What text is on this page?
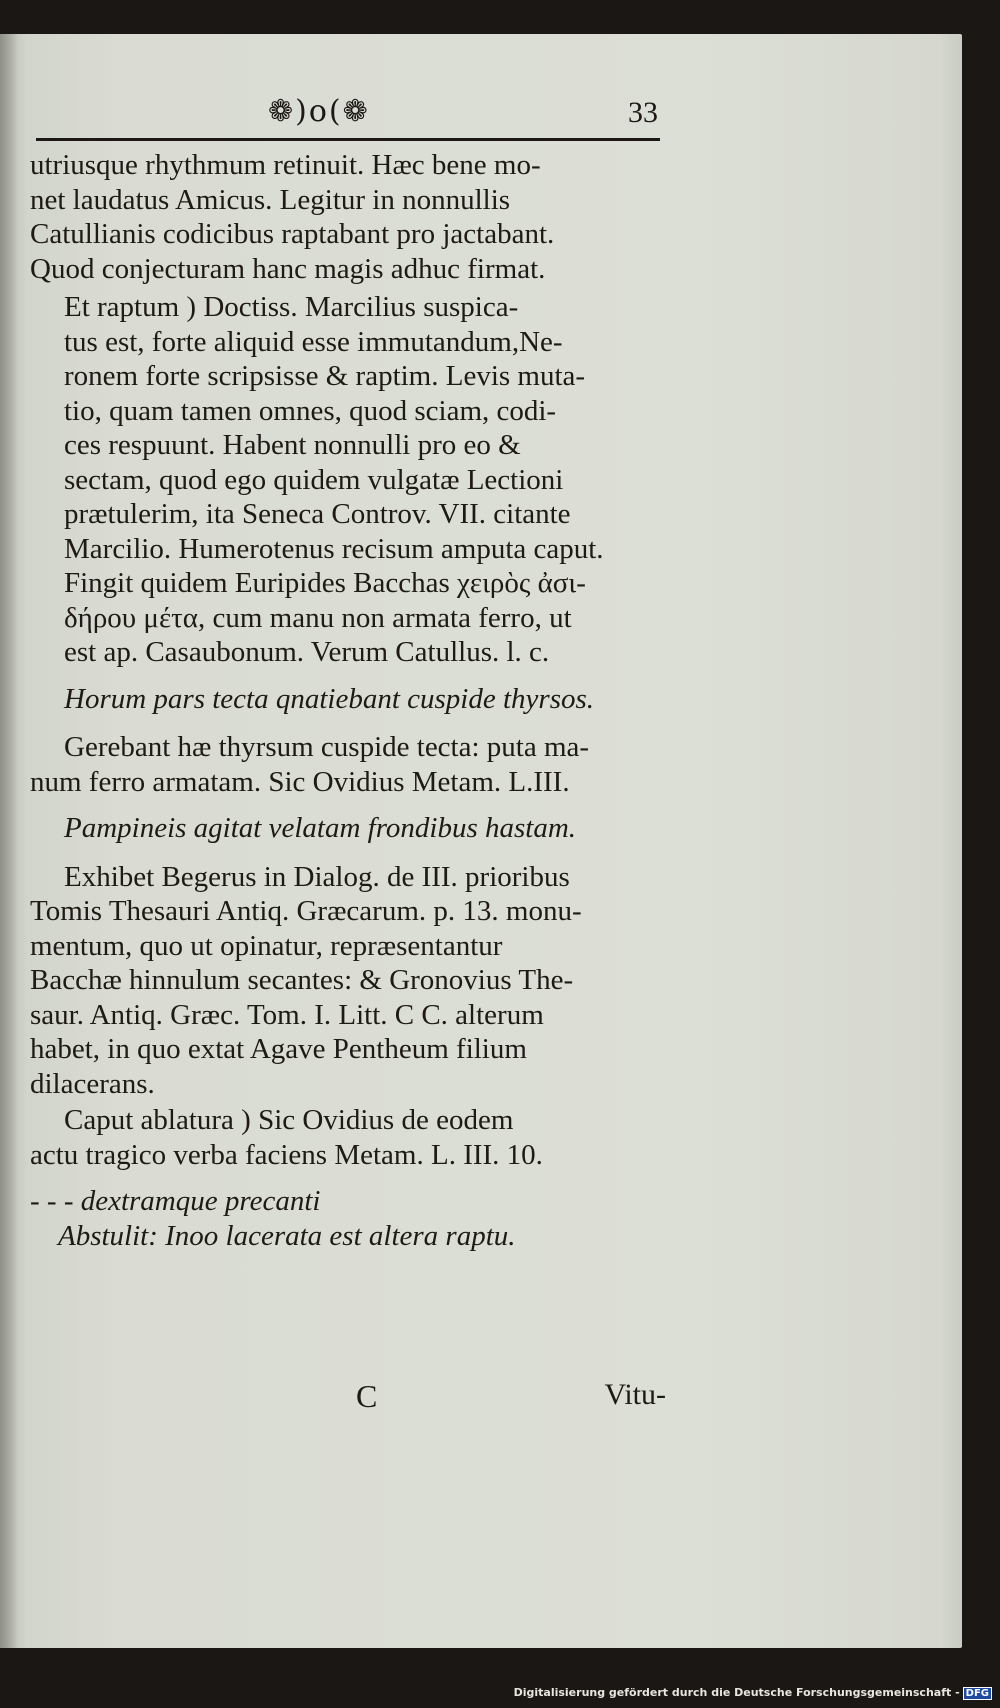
❁)o(❁	33

utriusque rhythmum retinuit. Hæc bene mo-
net laudatus Amicus. Legitur in nonnullis
Catullianis codicibus raptabant pro jactabant.
Quod conjecturam hanc magis adhuc firmat.

Et raptum ) Doctiss. Marcilius suspica-
tus est, forte aliquid esse immutandum,Ne-
ronem forte scripsisse & raptim. Levis muta-
tio, quam tamen omnes, quod sciam, codi-
ces respuunt. Habent nonnulli pro eo &
sectam, quod ego quidem vulgatæ Lectioni
prætulerim, ita Seneca Controv. VII. citante
Marcilio. Humerotenus recisum amputa caput.
Fingit quidem Euripides Bacchas χειρὸς ἀσι-
δήρου μέτα, cum manu non armata ferro, ut
est ap. Casaubonum. Verum Catullus. l. c.

Horum pars tecta qnatiebant cuspide thyrsos.

Gerebant hæ thyrsum cuspide tecta: puta ma-
num ferro armatam. Sic Ovidius Metam. L.III.

Pampineis agitat velatam frondibus hastam.

Exhibet Begerus in Dialog. de III. prioribus
Tomis Thesauri Antiq. Græcarum. p. 13. monu-
mentum, quo ut opinatur, repræsentantur
Bacchæ hinnulum secantes: & Gronovius The-
saur. Antiq. Græc. Tom. I. Litt. C C. alterum
habet, in quo extat Agave Pentheum filium
dilacerans.

Caput ablatura ) Sic Ovidius de eodem
actu tragico verba faciens Metam. L. III. 10.

- - - dextramque precanti
Abstulit: Inoo lacerata est altera raptu.
C	Vitu-
Digitalisierung gefördert durch die Deutsche Forschungsgemeinschaft - DFG
